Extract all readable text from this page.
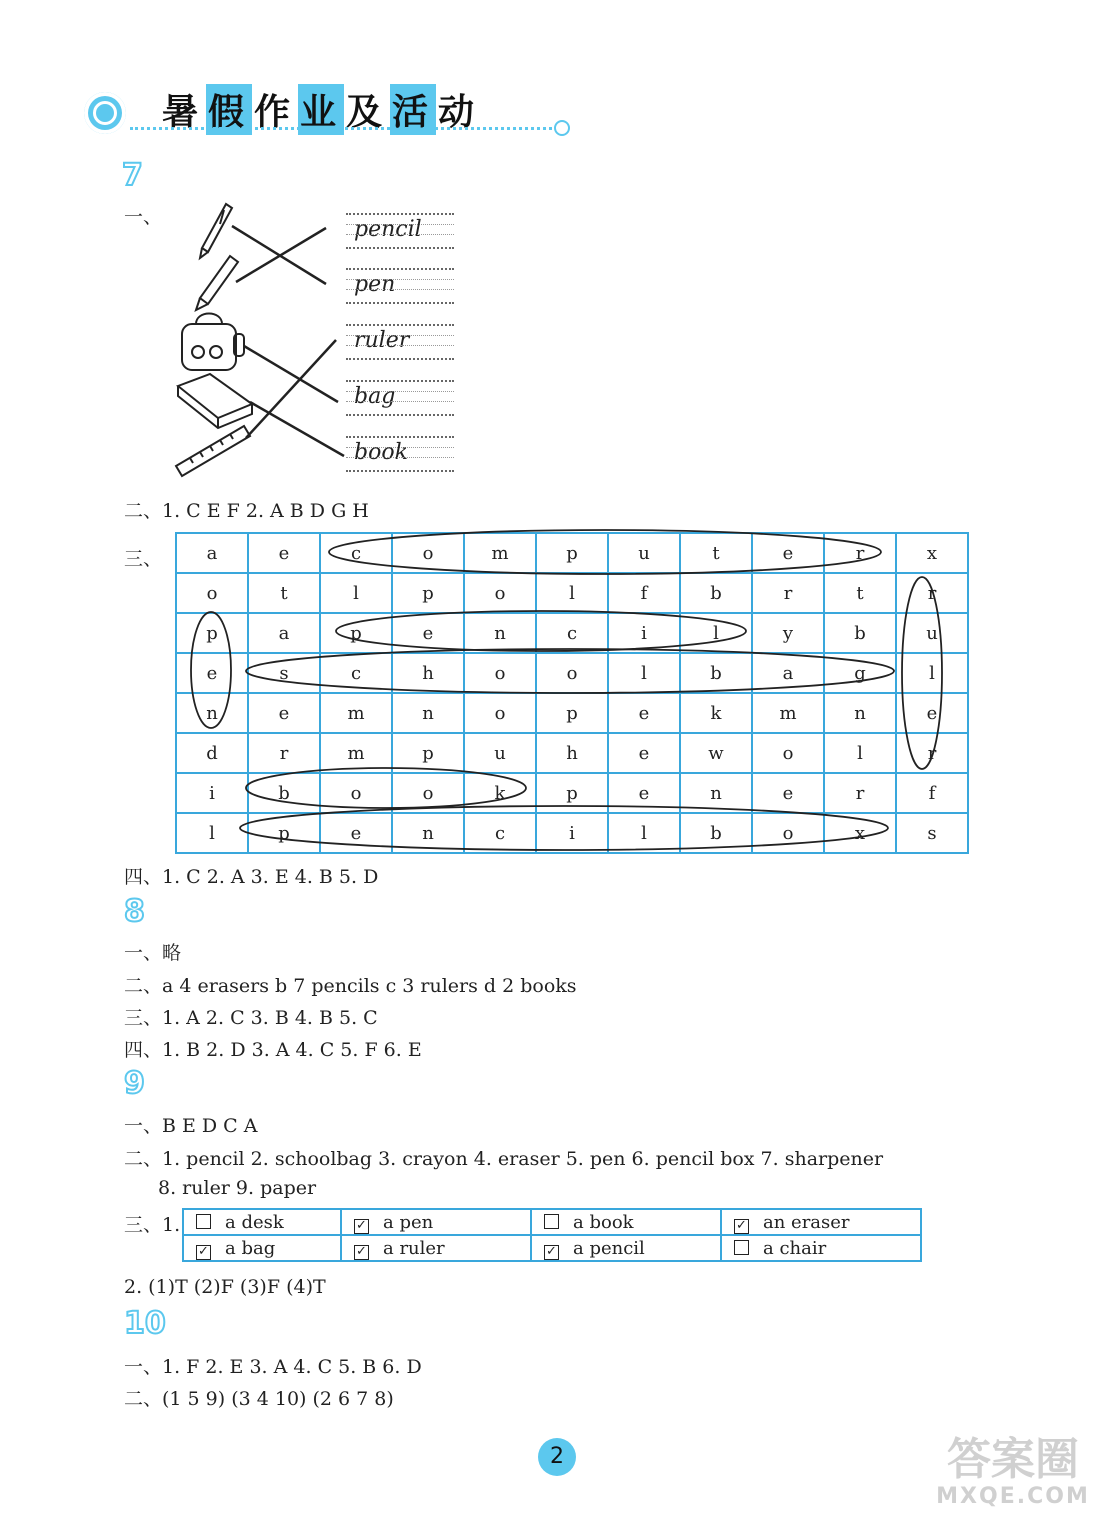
暑 假 作 业 及 活 动
7
一、	pencil
pen
ruler
bag
book
二、1. C E F 2. A B D G H
三、 a	e	c	o	m	p	u	t	e	r	x
o	t	l	p	o	l	f	b	r	t	r
p	a	p	e	n	c	i	l	y	b	u
e	s	c	h	o	o	l	b	a	g	l
n	e	m	n	o	p	e	k	m	n	e
d	r	m	p	u	h	e	w	o	l	r
i	b	o	o	k	p	e	n	e	r	f
l	p	e	n	c	i	l	b	o	x	s
四、1. C 2. A 3. E 4. B 5. D
8
一、略
二、a 4 erasers b 7 pencils c 3 rulers d 2 books
三、1. A 2. C 3. B 4. B 5. C
四、1. B 2. D 3. A 4. C 5. F 6. E
9
一、B E D C A
二、1. pencil 2. schoolbag 3. crayon 4. eraser 5. pen 6. pencil box 7. sharpener
8. ruler 9. paper
三、1. a desk	✓ a pen	a book	✓ an eraser
✓ a bag	✓ a ruler	✓ a pencil	a chair
2. (1)T (2)F (3)F (4)T
10
一、1. F 2. E 3. A 4. C 5. B 6. D
二、(1 5 9) (3 4 10) (2 6 7 8)
2	答案圈
MXQE.COM
